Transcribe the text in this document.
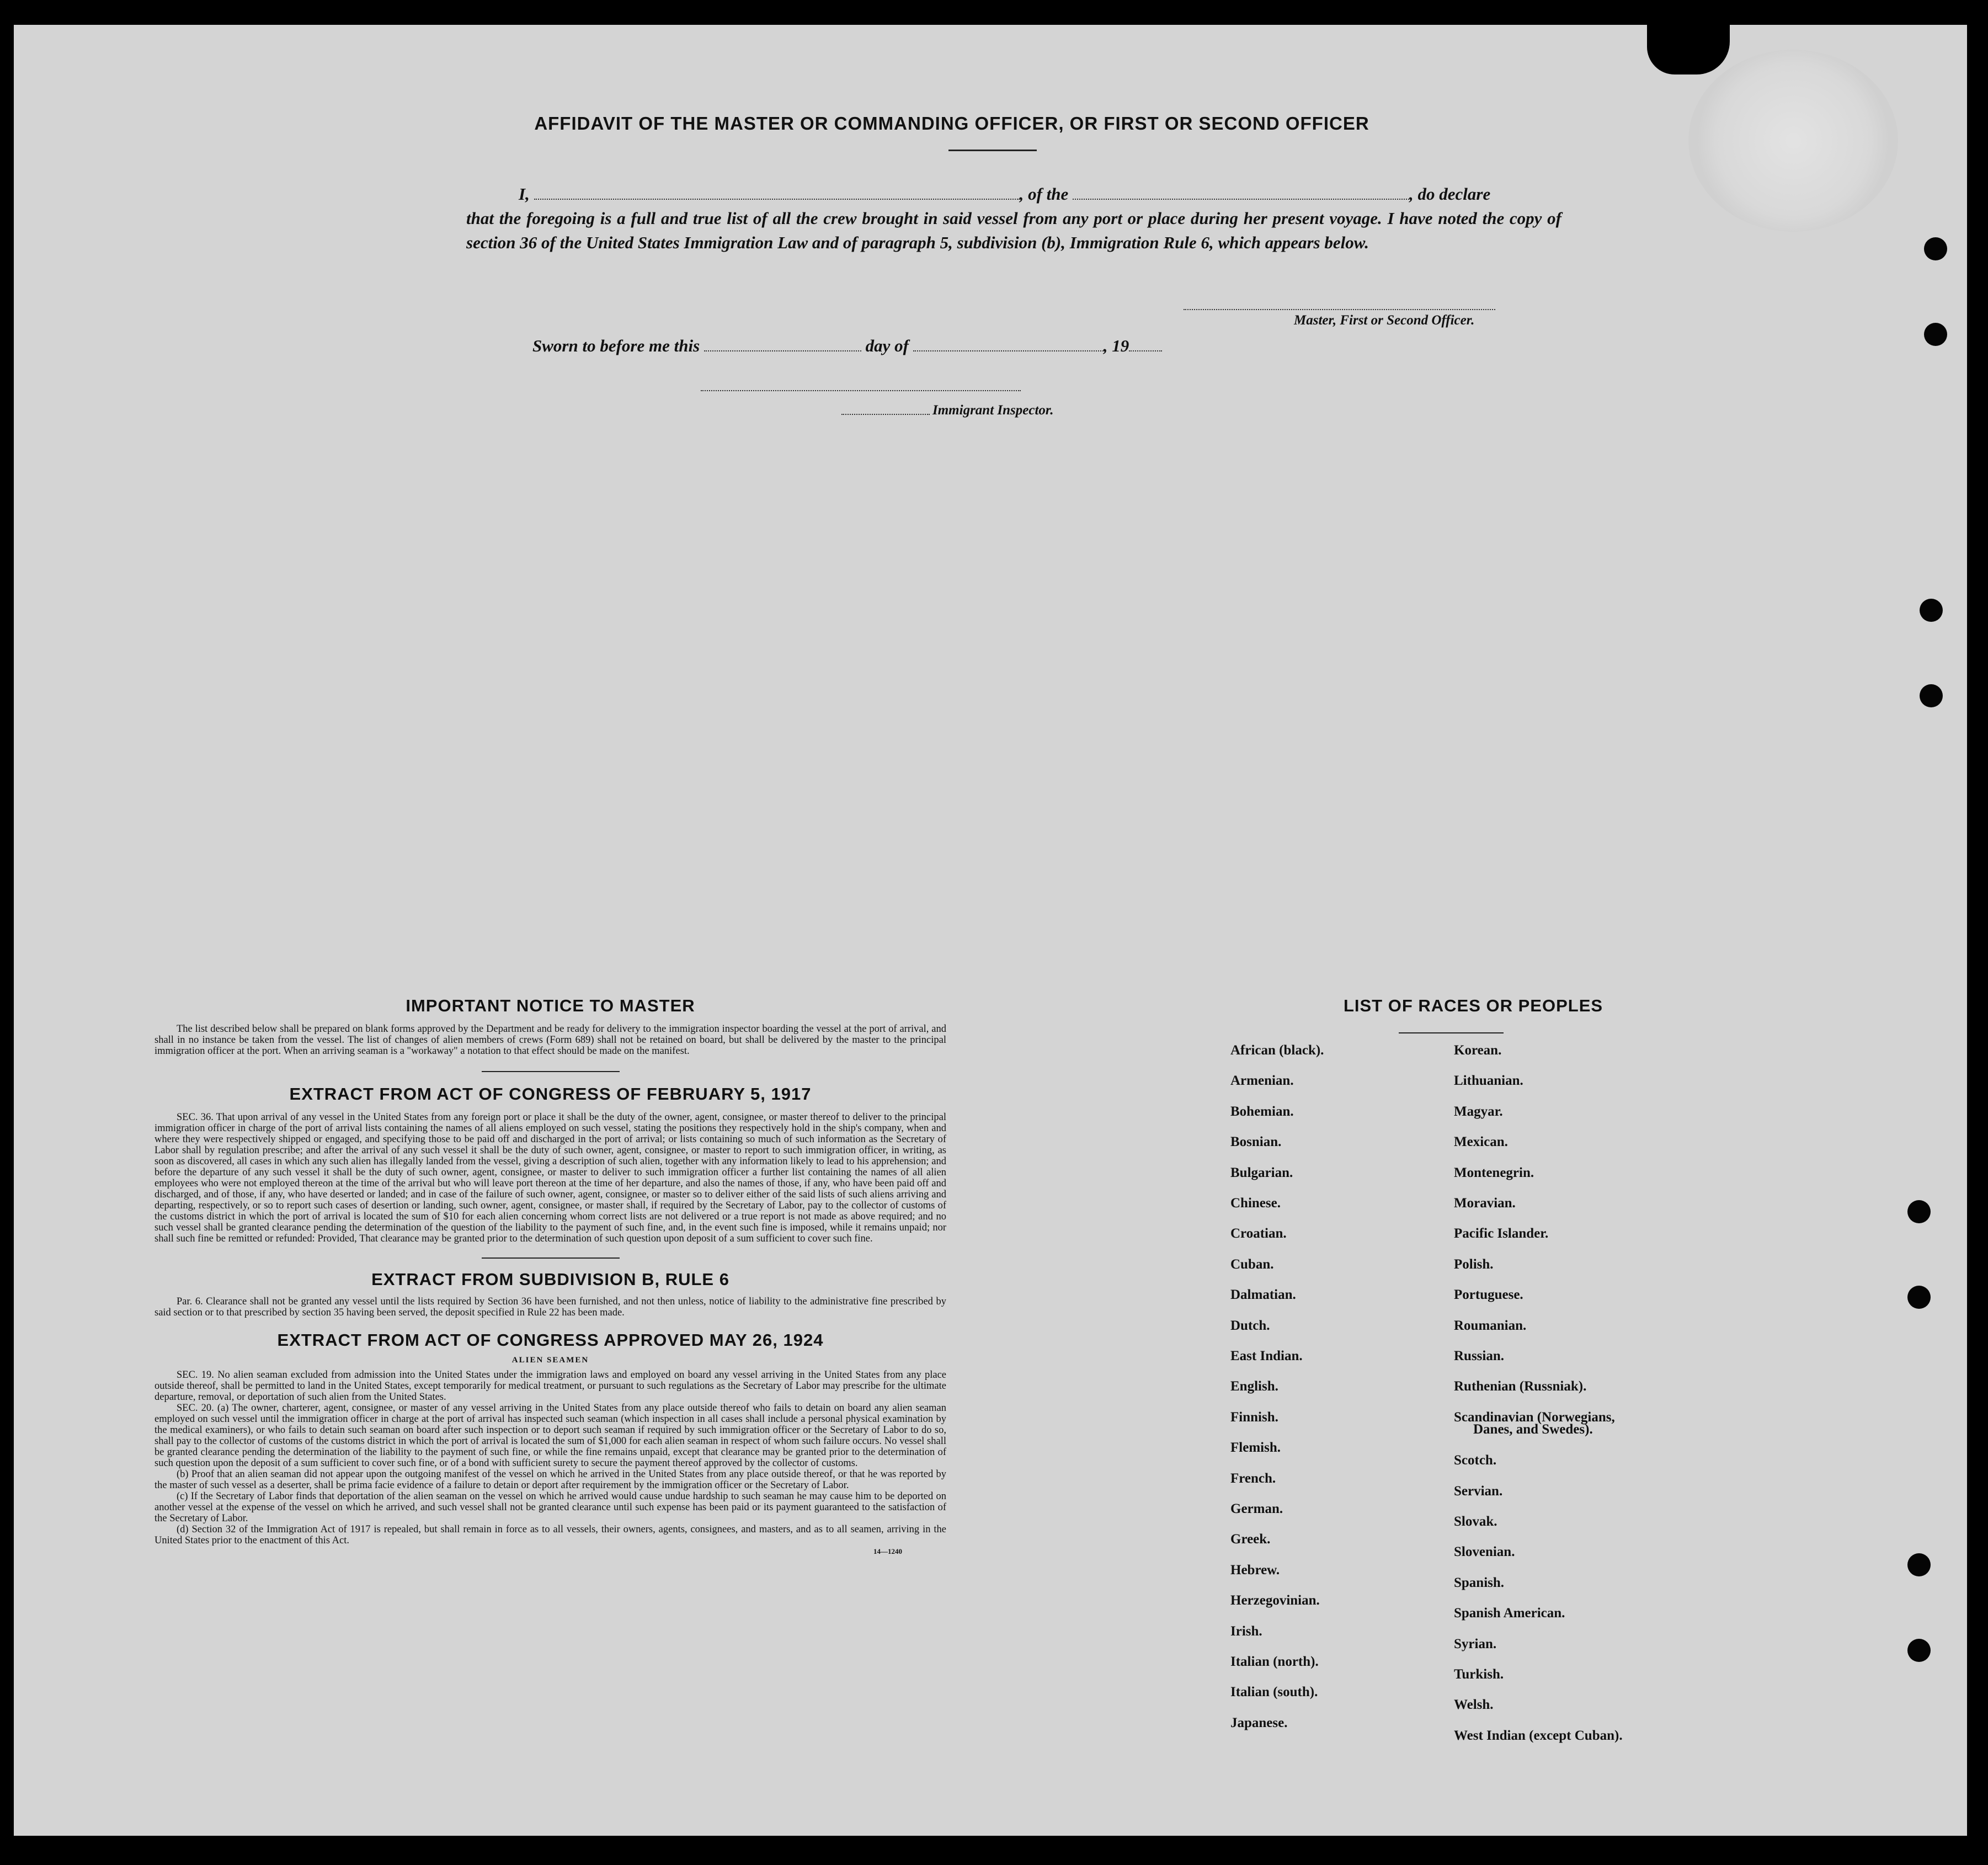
AFFIDAVIT OF THE MASTER OR COMMANDING OFFICER, OR FIRST OR SECOND OFFICER
I,	, of the	, do declare
that the foregoing is a full and true list of all the crew brought in said vessel from any port or place during her present voyage. I have noted the copy of section 36 of the United States Immigration Law and of paragraph 5, subdivision (b), Immigration Rule 6, which appears below.
Master, First or Second Officer.
Sworn to before me this	day of	, 19
Immigrant Inspector.
IMPORTANT NOTICE TO MASTER

The list described below shall be prepared on blank forms approved by the Department and be ready for delivery to the immigration inspector boarding the vessel at the port of arrival, and shall in no instance be taken from the vessel. The list of changes of alien members of crews (Form 689) shall not be retained on board, but shall be delivered by the master to the principal immigration officer at the port. When an arriving seaman is a "workaway" a notation to that effect should be made on the manifest.

EXTRACT FROM ACT OF CONGRESS OF FEBRUARY 5, 1917

SEC. 36. That upon arrival of any vessel in the United States from any foreign port or place it shall be the duty of the owner, agent, consignee, or master thereof to deliver to the principal immigration officer in charge of the port of arrival lists containing the names of all aliens employed on such vessel, stating the positions they respectively hold in the ship's company, when and where they were respectively shipped or engaged, and specifying those to be paid off and discharged in the port of arrival; or lists containing so much of such information as the Secretary of Labor shall by regulation prescribe; and after the arrival of any such vessel it shall be the duty of such owner, agent, consignee, or master to report to such immigration officer, in writing, as soon as discovered, all cases in which any such alien has illegally landed from the vessel, giving a description of such alien, together with any information likely to lead to his apprehension; and before the departure of any such vessel it shall be the duty of such owner, agent, consignee, or master to deliver to such immigration officer a further list containing the names of all alien employees who were not employed thereon at the time of the arrival but who will leave port thereon at the time of her departure, and also the names of those, if any, who have been paid off and discharged, and of those, if any, who have deserted or landed; and in case of the failure of such owner, agent, consignee, or master so to deliver either of the said lists of such aliens arriving and departing, respectively, or so to report such cases of desertion or landing, such owner, agent, consignee, or master shall, if required by the Secretary of Labor, pay to the collector of customs of the customs district in which the port of arrival is located the sum of $10 for each alien concerning whom correct lists are not delivered or a true report is not made as above required; and no such vessel shall be granted clearance pending the determination of the question of the liability to the payment of such fine, and, in the event such fine is imposed, while it remains unpaid; nor shall such fine be remitted or refunded: Provided, That clearance may be granted prior to the determination of such question upon deposit of a sum sufficient to cover such fine.

EXTRACT FROM SUBDIVISION B, RULE 6

Par. 6. Clearance shall not be granted any vessel until the lists required by Section 36 have been furnished, and not then unless, notice of liability to the administrative fine prescribed by said section or to that prescribed by section 35 having been served, the deposit specified in Rule 22 has been made.

EXTRACT FROM ACT OF CONGRESS APPROVED MAY 26, 1924
ALIEN SEAMEN

SEC. 19. No alien seaman excluded from admission into the United States under the immigration laws and employed on board any vessel arriving in the United States from any place outside thereof, shall be permitted to land in the United States, except temporarily for medical treatment, or pursuant to such regulations as the Secretary of Labor may prescribe for the ultimate departure, removal, or deportation of such alien from the United States.

SEC. 20. (a) The owner, charterer, agent, consignee, or master of any vessel arriving in the United States from any place outside thereof who fails to detain on board any alien seaman employed on such vessel until the immigration officer in charge at the port of arrival has inspected such seaman (which inspection in all cases shall include a personal physical examination by the medical examiners), or who fails to detain such seaman on board after such inspection or to deport such seaman if required by such immigration officer or the Secretary of Labor to do so, shall pay to the collector of customs of the customs district in which the port of arrival is located the sum of $1,000 for each alien seaman in respect of whom such failure occurs. No vessel shall be granted clearance pending the determination of the liability to the payment of such fine, or while the fine remains unpaid, except that clearance may be granted prior to the determination of such question upon the deposit of a sum sufficient to cover such fine, or of a bond with sufficient surety to secure the payment thereof approved by the collector of customs.

(b) Proof that an alien seaman did not appear upon the outgoing manifest of the vessel on which he arrived in the United States from any place outside thereof, or that he was reported by the master of such vessel as a deserter, shall be prima facie evidence of a failure to detain or deport after requirement by the immigration officer or the Secretary of Labor.

(c) If the Secretary of Labor finds that deportation of the alien seaman on the vessel on which he arrived would cause undue hardship to such seaman he may cause him to be deported on another vessel at the expense of the vessel on which he arrived, and such vessel shall not be granted clearance until such expense has been paid or its payment guaranteed to the satisfaction of the Secretary of Labor.

(d) Section 32 of the Immigration Act of 1917 is repealed, but shall remain in force as to all vessels, their owners, agents, consignees, and masters, and as to all seamen, arriving in the United States prior to the enactment of this Act.

14—1240
LIST OF RACES OR PEOPLES
African (black).
Armenian.
Bohemian.
Bosnian.
Bulgarian.
Chinese.
Croatian.
Cuban.
Dalmatian.
Dutch.
East Indian.
English.
Finnish.
Flemish.
French.
German.
Greek.
Hebrew.
Herzegovinian.
Irish.
Italian (north).
Italian (south).
Japanese.
Korean.
Lithuanian.
Magyar.
Mexican.
Montenegrin.
Moravian.
Pacific Islander.
Polish.
Portuguese.
Roumanian.
Russian.
Ruthenian (Russniak).
Scandinavian (Norwegians,
Danes, and Swedes).
Scotch.
Servian.
Slovak.
Slovenian.
Spanish.
Spanish American.
Syrian.
Turkish.
Welsh.
West Indian (except Cuban).
